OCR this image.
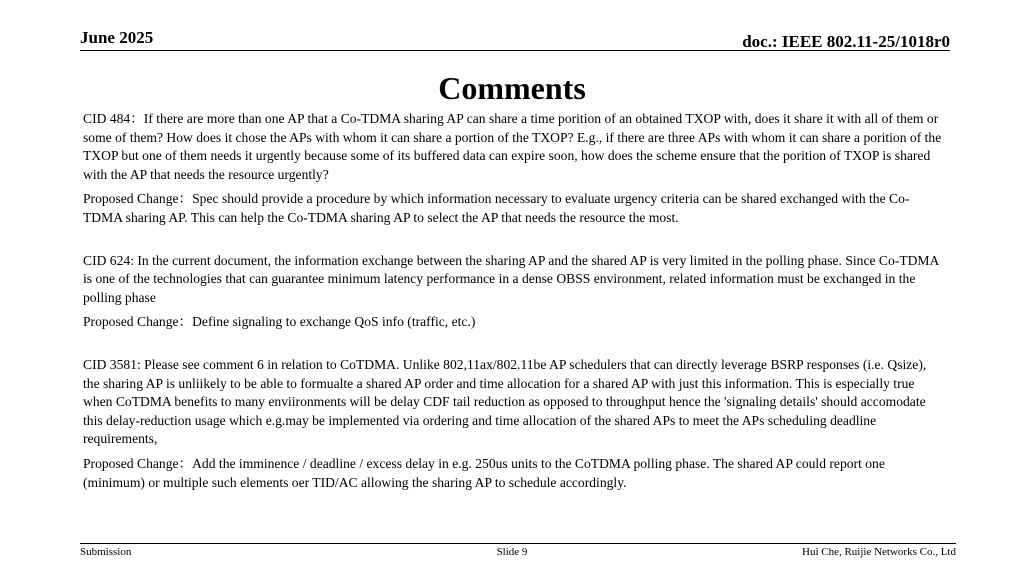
June 2025	doc.: IEEE 802.11-25/1018r0
Comments

CID 484：If there are more than one AP that a Co-TDMA sharing AP can share a time porition of an obtained TXOP with, does it share it with all of them or some of them? How does it chose the APs with whom it can share a portion of the TXOP? E.g., if there are three APs with whom it can share a porition of the TXOP but one of them needs it urgently because some of its buffered data can expire soon, how does the scheme ensure that the porition of TXOP is shared with the AP that needs the resource urgently?

Proposed Change：Spec should provide a procedure by which information necessary to evaluate urgency criteria can be shared exchanged with the Co-TDMA sharing AP. This can help the Co-TDMA sharing AP to select the AP that needs the resource the most.

CID 624: In the current document, the information exchange between the sharing AP and the shared AP is very limited in the polling phase. Since Co-TDMA is one of the technologies that can guarantee minimum latency performance in a dense OBSS environment, related information must be exchanged in the polling phase

Proposed Change：Define signaling to exchange QoS info (traffic, etc.)

CID 3581: Please see comment 6 in relation to CoTDMA. Unlike 802,11ax/802.11be AP schedulers that can directly leverage BSRP responses (i.e. Qsize), the sharing AP is unliikely to be able to formualte a shared AP order and time allocation for a shared AP with just this information. This is especially true when CoTDMA benefits to many enviironments will be delay CDF tail reduction as opposed to throughput hence the 'signaling details' should accomodate this delay-reduction usage which e.g.may be implemented via ordering and time allocation of the shared APs to meet the APs scheduling deadline requirements,

Proposed Change：Add the imminence / deadline / excess delay in e.g. 250us units to the CoTDMA polling phase. The shared AP could report one (minimum) or multiple such elements oer TID/AC allowing the sharing AP to schedule accordingly.

Submission	Slide 9	Hui Che, Ruijie Networks Co., Ltd
